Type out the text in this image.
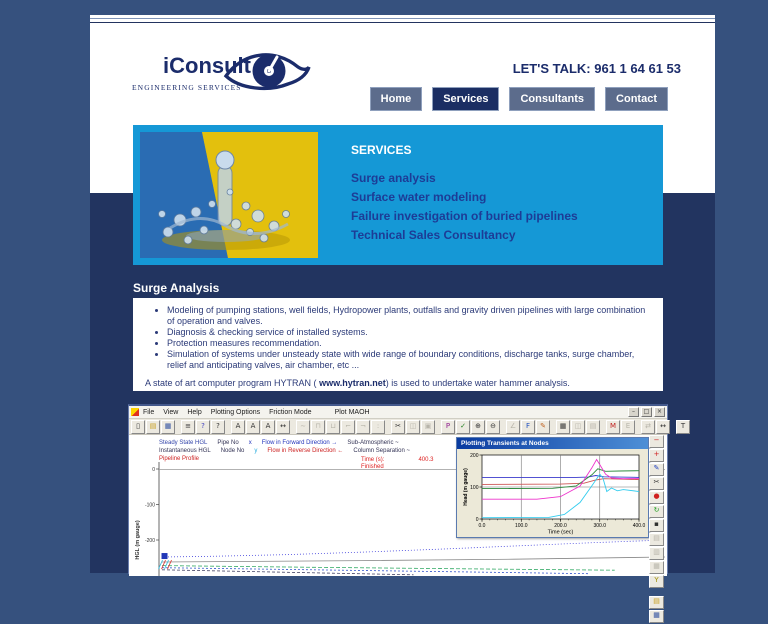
ENGINEERING SERVICES
iConsult	LET'S TALK: 961 1 64 61 53
Home	Services	Consultants	Contact
SERVICES
Surge analysis
Surface water modeling
Failure investigation of buried pipelines
Technical Sales Consultancy
Surge Analysis
• Modeling of pumping stations, well fields, Hydropower plants, outfalls and gravity driven pipelines with large combination of operation and valves.
• Diagnosis & checking service of installed systems.
• Protection measures recommendation.
• Simulation of systems under unsteady state with wide range of boundary conditions, discharge tanks, surge chamber, relief and anticipating valves, air chamber, etc ...
A state of art computer program HYTRAN ( www.hytran.net) is used to undertake water hammer analysis.
File View Help Plotting Options Friction Mode	Plot MAOH	–	□	×
▯	▤	▦	≡	?	?	A	A	A	↔	∼	⊓	⊔	⌐	¬	:	✂	◫	▣	P	✓	⊕	⊖	∠	F	✎	▦	◫	▤	M	E	⇄	↔	T
0
-100
-200
HGL (m gauge)
Steady State HGL Pipe No x Flow in Forward Direction → Sub-Atmospheric ~
Instantaneous HGL Node No y Flow in Reverse Direction ← Column Separation ~
Pipeline Profile	Time (s):	400.3
Finished
Plotting Transients at Nodes
0
100
200
0.0	100.0	200.0	300.0	400.0
Time (sec)
Head (m gauge)
−
+
✎
✂
●
↻
▪
▤
▥
▦
Y
▤
▦
